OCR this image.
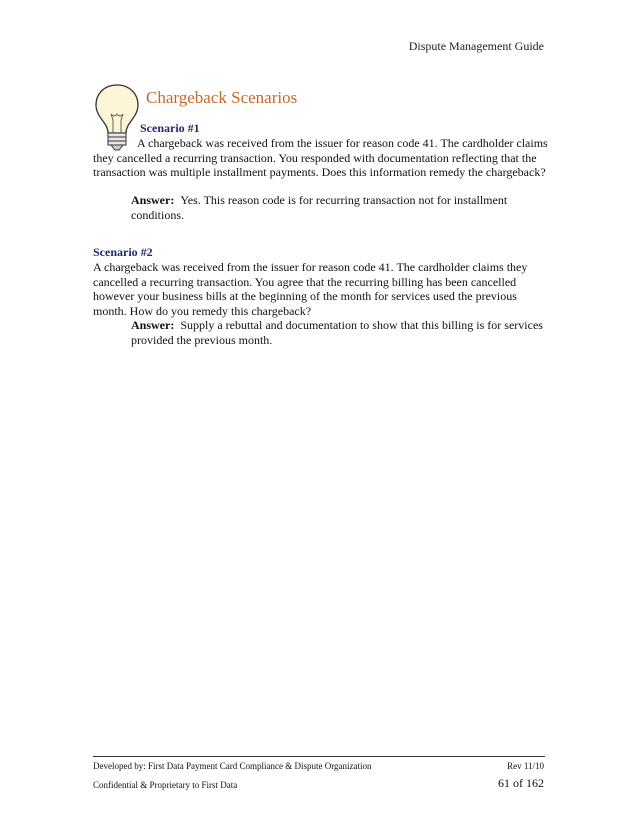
Dispute Management Guide
Chargeback Scenarios
Scenario #1
A chargeback was received from the issuer for reason code 41. The cardholder claims they cancelled a recurring transaction. You responded with documentation reflecting that the transaction was multiple installment payments. Does this information remedy the chargeback?
Answer: Yes. This reason code is for recurring transaction not for installment conditions.
Scenario #2
A chargeback was received from the issuer for reason code 41. The cardholder claims they cancelled a recurring transaction. You agree that the recurring billing has been cancelled however your business bills at the beginning of the month for services used the previous month. How do you remedy this chargeback?
Answer: Supply a rebuttal and documentation to show that this billing is for services provided the previous month.
Developed by: First Data Payment Card Compliance & Dispute Organization
Confidential & Proprietary to First Data
Rev 11/10
61 of 162
